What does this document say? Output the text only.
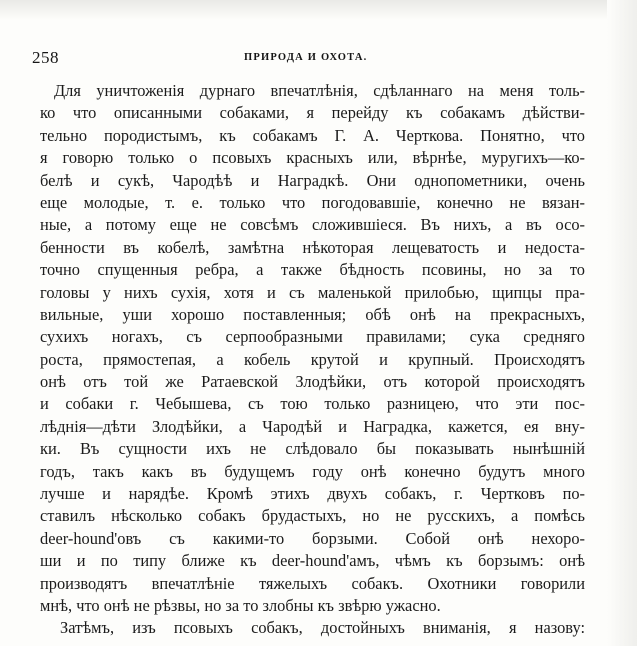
258	ПРИРОДА И ОХОТА.
Для уничтоженія дурнаго впечатлѣнія, сдѣланнаго на меня толь-
ко что описанными собаками, я перейду къ собакамъ дѣйстви-
тельно породистымъ, къ собакамъ Г. А. Черткова. Понятно, что
я говорю только о псовыхъ красныхъ или, вѣрнѣе, муругихъ—ко-
белѣ и сукѣ, Чародѣѣ и Наградкѣ. Они однопометники, очень
еще молодые, т. е. только что погодовавшіе, конечно не вязан-
ные, а потому еще не совсѣмъ сложившіеся. Въ нихъ, а въ осо-
бенности въ кобелѣ, замѣтна нѣкоторая лещеватость и недоста-
точно спущенныя ребра, а также бѣдность псовины, но за то
головы у нихъ сухія, хотя и съ маленькой прилобью, щипцы пра-
вильные, уши хорошо поставленныя; обѣ онѣ на прекрасныхъ,
сухихъ ногахъ, съ серпообразными правилами; сука средняго
роста, прямостепая, а кобель крутой и крупный. Происходятъ
онѣ отъ той же Ратаевской Злодѣйки, отъ которой происходятъ
и собаки г. Чебышева, съ тою только разницею, что эти пос-
лѣднія—дѣти Злодѣйки, а Чародѣй и Наградка, кажется, ея вну-
ки. Въ сущности ихъ не слѣдовало бы показывать нынѣшній
годъ, такъ какъ въ будущемъ году онѣ конечно будутъ много
лучше и нарядѣе. Кромѣ этихъ двухъ собакъ, г. Чертковъ по-
ставилъ нѣсколько собакъ брудастыхъ, но не русскихъ, а помѣсь
deer-hound'овъ съ какими-то борзыми. Собой онѣ нехоро-
ши и по типу ближе къ deer-hound'амъ, чѣмъ къ борзымъ: онѣ
производятъ впечатлѣніе тяжелыхъ собакъ. Охотники говорили
мнѣ, что онѣ не рѣзвы, но за то злобны къ звѣрю ужасно.
Затѣмъ, изъ псовыхъ собакъ, достойныхъ вниманія, я назову:
